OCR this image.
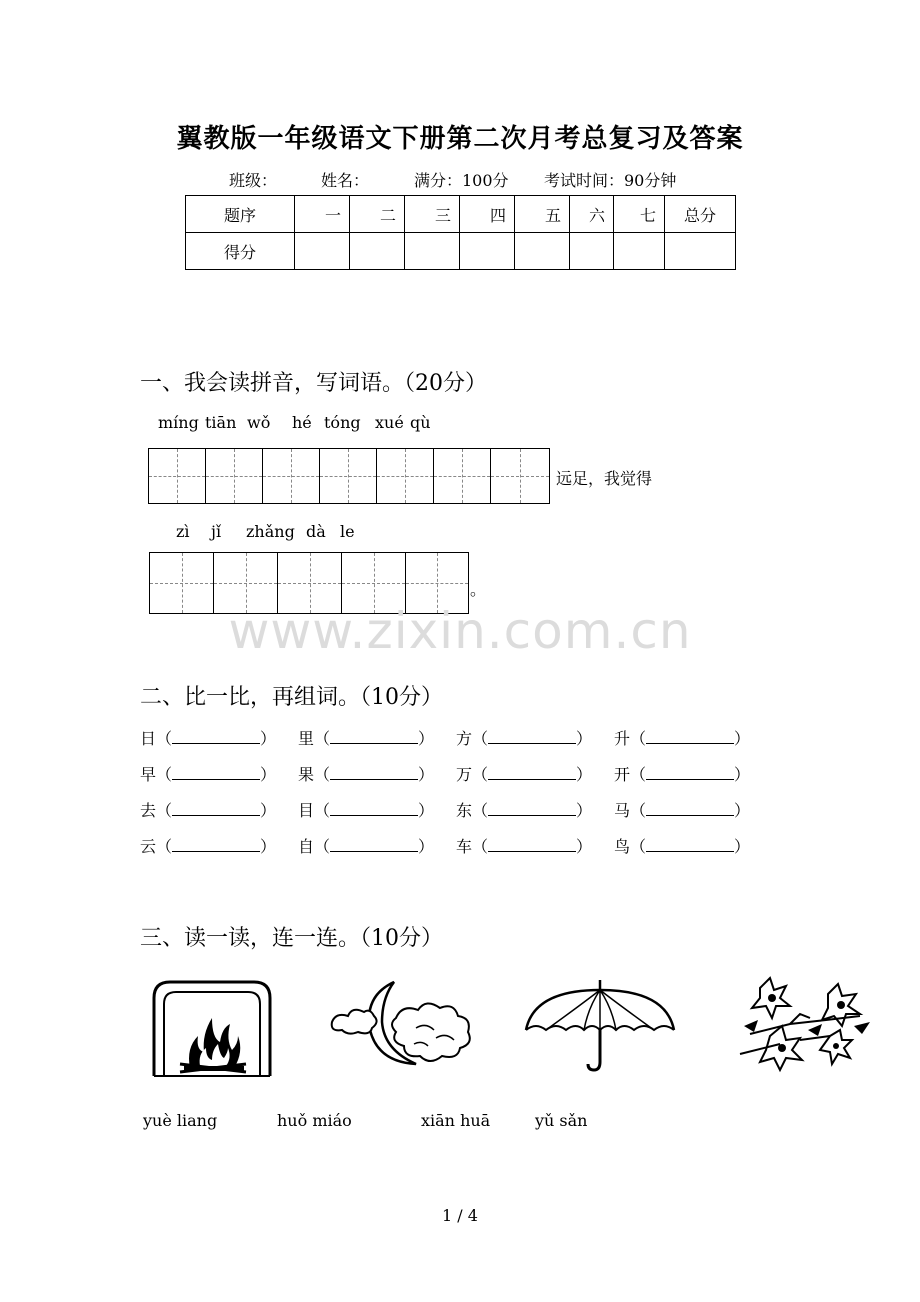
翼教版一年级语文下册第二次月考总复习及答案
班级：	姓名：	满分：100分 考试时间：90分钟
题序	一	二	三	四	五	六	七	总分
得分								
一、我会读拼音，写词语。（20分）
míng tiān wǒ hé tóng xué qù
远足，我觉得
zì jǐ zhǎng dà le
。
www.zixin.com.cn
二、比一比，再组词。（10分）
日（	） 里（	） 方（	） 升（	）
早（	） 果（	） 万（	） 开（	）
去（	） 目（	） 东（	） 马（	）
云（	） 自（	） 车（	） 鸟（	）
三、读一读，连一连。（10分）
yuè liang	huǒ miáo	xiān huā	yǔ sǎn
1 / 4
